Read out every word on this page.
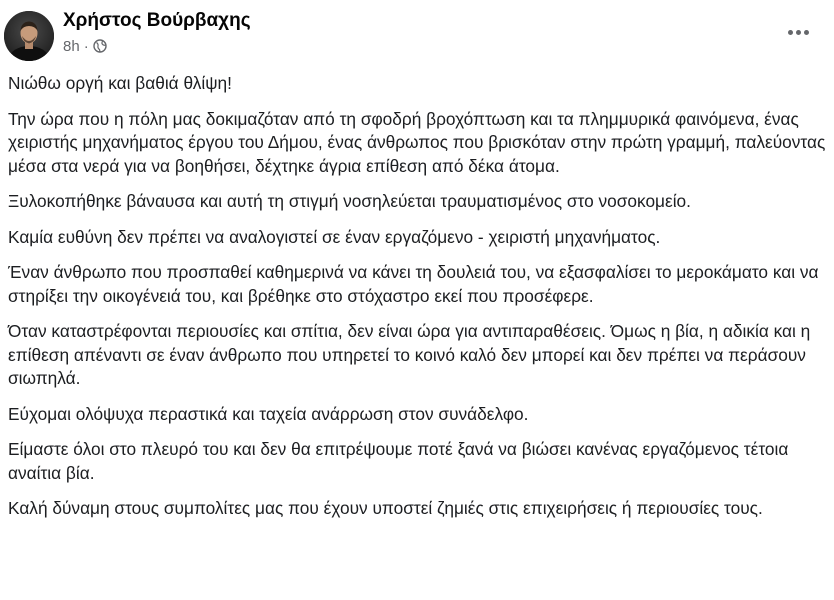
Χρήστος Βούρβαχης
8h ·

Νιώθω οργή και βαθιά θλίψη!

Την ώρα που η πόλη μας δοκιμαζόταν από τη σφοδρή βροχόπτωση και τα πλημμυρικά φαινόμενα, ένας χειριστής μηχανήματος έργου του Δήμου, ένας άνθρωπος που βρισκόταν στην πρώτη γραμμή, παλεύοντας μέσα στα νερά για να βοηθήσει, δέχτηκε άγρια επίθεση από δέκα άτομα.

Ξυλοκοπήθηκε βάναυσα και αυτή τη στιγμή νοσηλεύεται τραυματισμένος στο νοσοκομείο.

Καμία ευθύνη δεν πρέπει να αναλογιστεί σε έναν εργαζόμενο - χειριστή μηχανήματος.

Έναν άνθρωπο που προσπαθεί καθημερινά να κάνει τη δουλειά του, να εξασφαλίσει το μεροκάματο και να στηρίξει την οικογένειά του, και βρέθηκε στο στόχαστρο εκεί που προσέφερε.

Όταν καταστρέφονται περιουσίες και σπίτια, δεν είναι ώρα για αντιπαραθέσεις. Όμως η βία, η αδικία και η επίθεση απέναντι σε έναν άνθρωπο που υπηρετεί το κοινό καλό δεν μπορεί και δεν πρέπει να περάσουν σιωπηλά.

Εύχομαι ολόψυχα περαστικά και ταχεία ανάρρωση στον συνάδελφο.

Είμαστε όλοι στο πλευρό του και δεν θα επιτρέψουμε ποτέ ξανά να βιώσει κανένας εργαζόμενος τέτοια αναίτια βία.

Καλή δύναμη στους συμπολίτες μας που έχουν υποστεί ζημιές στις επιχειρήσεις ή περιουσίες τους.
